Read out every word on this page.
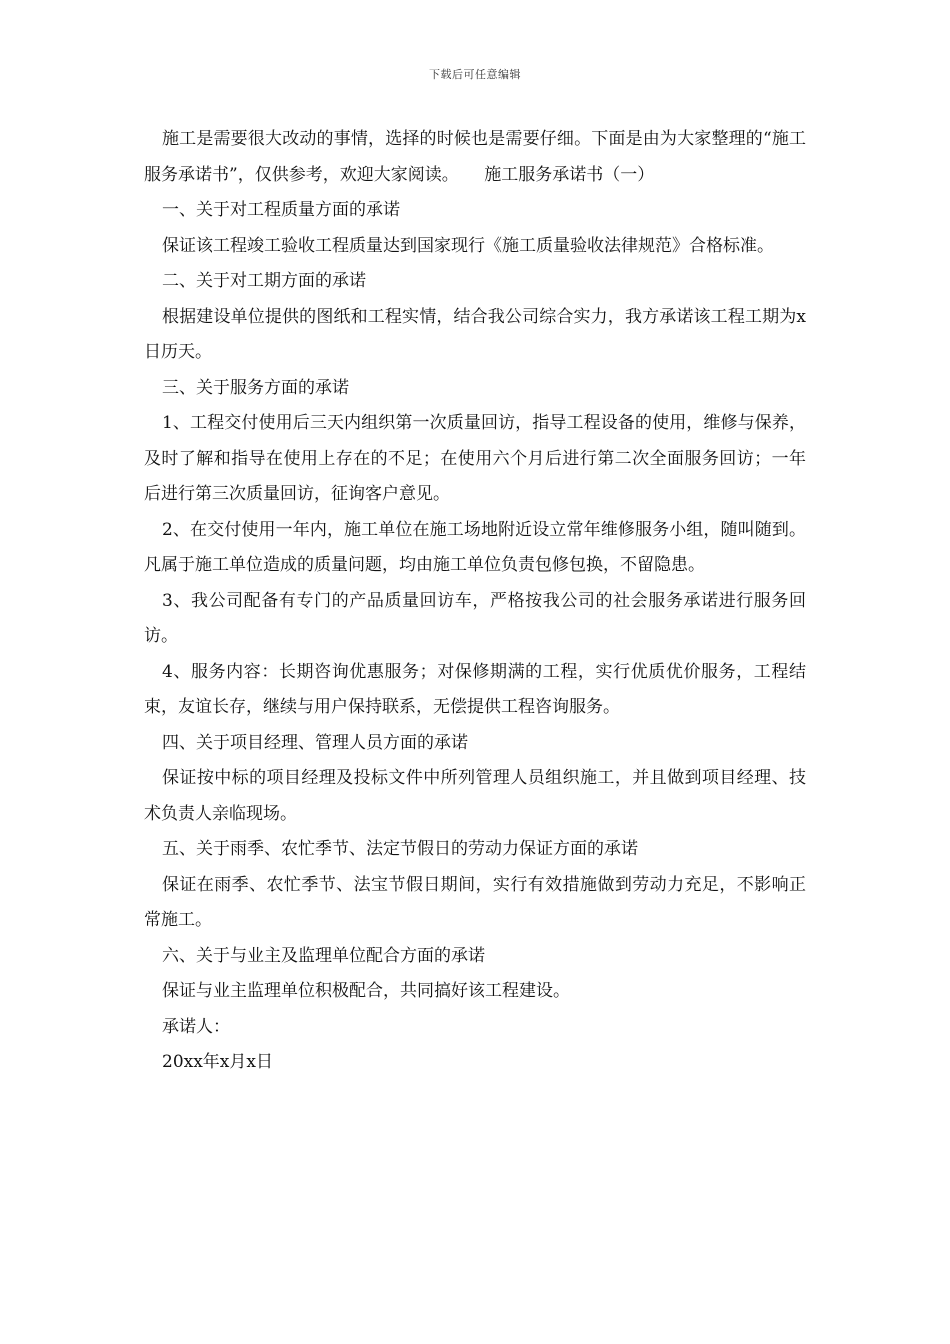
下载后可任意编辑

施工是需要很大改动的事情，选择的时候也是需要仔细。下面是由为大家整理的“施工服务承诺书”，仅供参考，欢迎大家阅读。　　施工服务承诺书（一）

一、关于对工程质量方面的承诺

保证该工程竣工验收工程质量达到国家现行《施工质量验收法律规范》合格标准。

二、关于对工期方面的承诺

根据建设单位提供的图纸和工程实情，结合我公司综合实力，我方承诺该工程工期为x日历天。

三、关于服务方面的承诺

1、工程交付使用后三天内组织第一次质量回访，指导工程设备的使用，维修与保养，及时了解和指导在使用上存在的不足；在使用六个月后进行第二次全面服务回访；一年后进行第三次质量回访，征询客户意见。

2、在交付使用一年内，施工单位在施工场地附近设立常年维修服务小组，随叫随到。凡属于施工单位造成的质量问题，均由施工单位负责包修包换，不留隐患。

3、我公司配备有专门的产品质量回访车，严格按我公司的社会服务承诺进行服务回访。

4、服务内容：长期咨询优惠服务；对保修期满的工程，实行优质优价服务，工程结束，友谊长存，继续与用户保持联系，无偿提供工程咨询服务。

四、关于项目经理、管理人员方面的承诺

保证按中标的项目经理及投标文件中所列管理人员组织施工，并且做到项目经理、技术负责人亲临现场。

五、关于雨季、农忙季节、法定节假日的劳动力保证方面的承诺

保证在雨季、农忙季节、法宝节假日期间，实行有效措施做到劳动力充足，不影响正常施工。

六、关于与业主及监理单位配合方面的承诺

保证与业主监理单位积极配合，共同搞好该工程建设。

承诺人：

20xx年x月x日
